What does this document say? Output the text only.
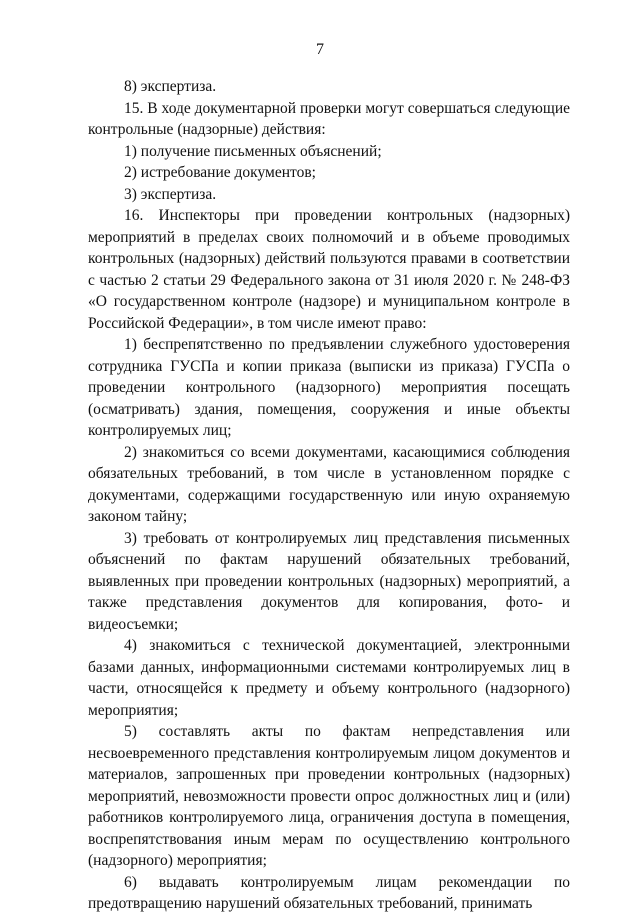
7

8) экспертиза.

15. В ходе документарной проверки могут совершаться следующие контрольные (надзорные) действия:

1) получение письменных объяснений;

2) истребование документов;

3) экспертиза.

16. Инспекторы при проведении контрольных (надзорных) мероприятий в пределах своих полномочий и в объеме проводимых контрольных (надзорных) действий пользуются правами в соответствии с частью 2 статьи 29 Федерального закона от 31 июля 2020 г. № 248-ФЗ «О государственном контроле (надзоре) и муниципальном контроле в Российской Федерации», в том числе имеют право:

1) беспрепятственно по предъявлении служебного удостоверения сотрудника ГУСПа и копии приказа (выписки из приказа) ГУСПа о проведении контрольного (надзорного) мероприятия посещать (осматривать) здания, помещения, сооружения и иные объекты контролируемых лиц;

2) знакомиться со всеми документами, касающимися соблюдения обязательных требований, в том числе в установленном порядке с документами, содержащими государственную или иную охраняемую законом тайну;

3) требовать от контролируемых лиц представления письменных объяснений по фактам нарушений обязательных требований, выявленных при проведении контрольных (надзорных) мероприятий, а также представления документов для копирования, фото- и видеосъемки;

4) знакомиться с технической документацией, электронными базами данных, информационными системами контролируемых лиц в части, относящейся к предмету и объему контрольного (надзорного) мероприятия;

5) составлять акты по фактам непредставления или несвоевременного представления контролируемым лицом документов и материалов, запрошенных при проведении контрольных (надзорных) мероприятий, невозможности провести опрос должностных лиц и (или) работников контролируемого лица, ограничения доступа в помещения, воспрепятствования иным мерам по осуществлению контрольного (надзорного) мероприятия;

6) выдавать контролируемым лицам рекомендации по предотвращению нарушений обязательных требований, принимать
